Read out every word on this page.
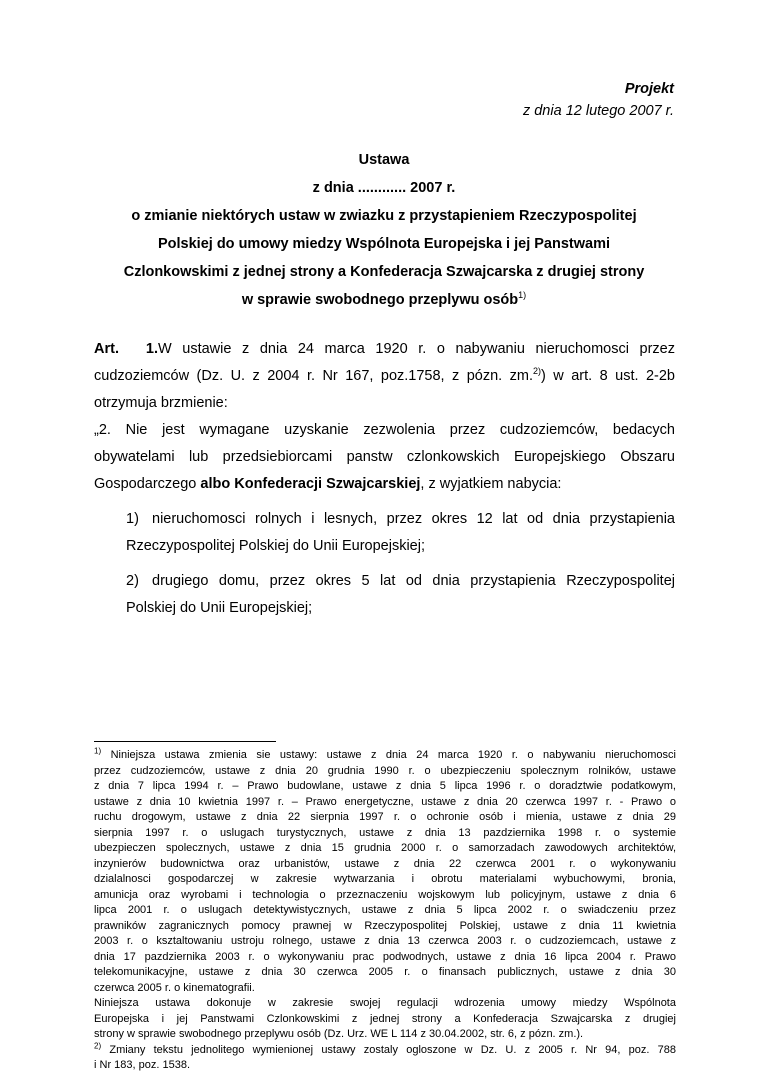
Projekt
z dnia 12 lutego 2007 r.
Ustawa
z dnia ............ 2007 r.
o zmianie niektórych ustaw w zwiazku z przystapieniem Rzeczypospolitej
Polskiej do umowy miedzy Wspólnota Europejska i jej Panstwami
Czlonkowskimi z jednej strony a Konfederacja Szwajcarska z drugiej strony
w sprawie swobodnego przeplywu osób$^{1)}$
Art. 1.W ustawie z dnia 24 marca 1920 r. o nabywaniu nieruchomosci przez
cudzoziemców (Dz. U. z 2004 r. Nr 167, poz.1758, z pózn. zm.$^{2)}$) w art. 8 ust. 2-2b
otrzymuja brzmienie:
„2. Nie jest wymagane uzyskanie zezwolenia przez cudzoziemców, bedacych
obywatelami lub przedsiebiorcami panstw czlonkowskich Europejskiego Obszaru
Gospodarczego albo Konfederacji Szwajcarskiej, z wyjatkiem nabycia:
1) nieruchomosci rolnych i lesnych, przez okres 12 lat od dnia przystapienia
Rzeczypospolitej Polskiej do Unii Europejskiej;
2) drugiego domu, przez okres 5 lat od dnia przystapienia Rzeczypospolitej
Polskiej do Unii Europejskiej;
$^{1)}$ Niniejsza ustawa zmienia sie ustawy: ustawe z dnia 24 marca 1920 r. o nabywaniu nieruchomosci
przez cudzoziemców, ustawe z dnia 20 grudnia 1990 r. o ubezpieczeniu spolecznym rolników, ustawe
z dnia 7 lipca 1994 r. – Prawo budowlane, ustawe z dnia 5 lipca 1996 r. o doradztwie podatkowym,
ustawe z dnia 10 kwietnia 1997 r. – Prawo energetyczne, ustawe z dnia 20 czerwca 1997 r. - Prawo o
ruchu drogowym, ustawe z dnia 22 sierpnia 1997 r. o ochronie osób i mienia, ustawe z dnia 29
sierpnia 1997 r. o uslugach turystycznych, ustawe z dnia 13 pazdziernika 1998 r. o systemie
ubezpieczen spolecznych, ustawe z dnia 15 grudnia 2000 r. o samorzadach zawodowych architektów,
inzynierów budownictwa oraz urbanistów, ustawe z dnia 22 czerwca 2001 r. o wykonywaniu
dzialalnosci gospodarczej w zakresie wytwarzania i obrotu materialami wybuchowymi, bronia,
amunicja oraz wyrobami i technologia o przeznaczeniu wojskowym lub policyjnym, ustawe z dnia 6
lipca 2001 r. o uslugach detektywistycznych, ustawe z dnia 5 lipca 2002 r. o swiadczeniu przez
prawników zagranicznych pomocy prawnej w Rzeczypospolitej Polskiej, ustawe z dnia 11 kwietnia
2003 r. o ksztaltowaniu ustroju rolnego, ustawe z dnia 13 czerwca 2003 r. o cudzoziemcach, ustawe z
dnia 17 pazdziernika 2003 r. o wykonywaniu prac podwodnych, ustawe z dnia 16 lipca 2004 r. Prawo
telekomunikacyjne, ustawe z dnia 30 czerwca 2005 r. o finansach publicznych, ustawe z dnia 30
czerwca 2005 r. o kinematografii.
Niniejsza ustawa dokonuje w zakresie swojej regulacji wdrozenia umowy miedzy Wspólnota
Europejska i jej Panstwami Czlonkowskimi z jednej strony a Konfederacja Szwajcarska z drugiej
strony w sprawie swobodnego przeplywu osób (Dz. Urz. WE L 114 z 30.04.2002, str. 6, z pózn. zm.).
$^{2)}$ Zmiany tekstu jednolitego wymienionej ustawy zostaly ogloszone w Dz. U. z 2005 r. Nr 94, poz. 788
i Nr 183, poz. 1538.
